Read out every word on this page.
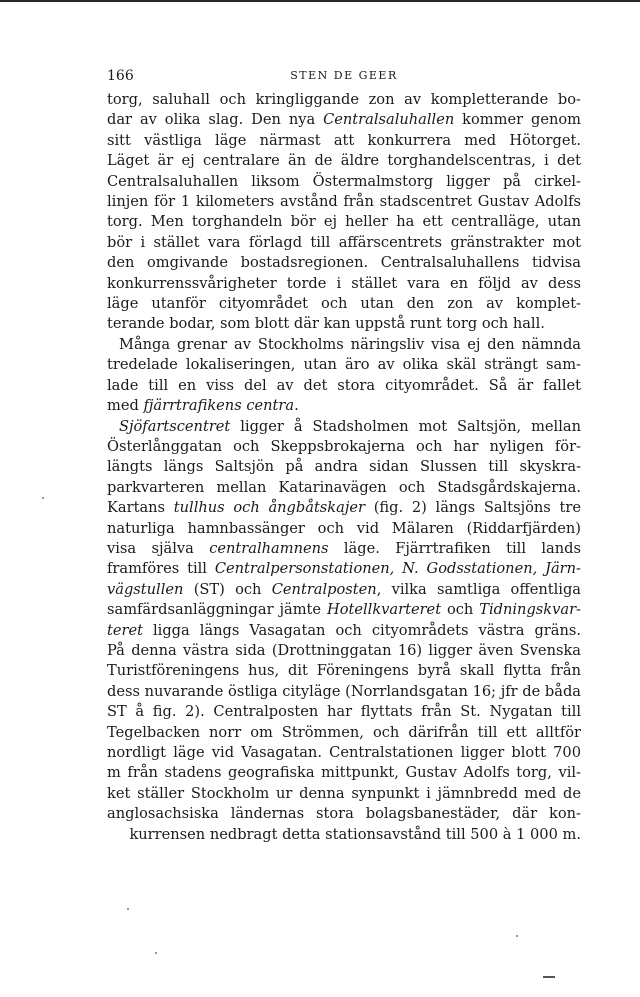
166	STEN DE GEER
torg, saluhall och kringliggande zon av kompletterande bo-
dar av olika slag. Den nya Centralsaluhallen kommer genom
sitt västliga läge närmast att konkurrera med Hötorget.
Läget är ej centralare än de äldre torghandelscentras, i det
Centralsaluhallen liksom Östermalmstorg ligger på cirkel-
linjen för 1 kilometers avstånd från stadscentret Gustav Adolfs
torg. Men torghandeln bör ej heller ha ett centralläge, utan
bör i stället vara förlagd till affärscentrets gränstrakter mot
den omgivande bostadsregionen. Centralsaluhallens tidvisa
konkurrenssvårigheter torde i stället vara en följd av dess
läge utanför cityområdet och utan den zon av komplet-
terande bodar, som blott där kan uppstå runt torg och hall.
Många grenar av Stockholms näringsliv visa ej den nämnda
tredelade lokaliseringen, utan äro av olika skäl strängt sam-
lade till en viss del av det stora cityområdet. Så är fallet
med fjärrtrafikens centra.
Sjöfartscentret ligger å Stadsholmen mot Saltsjön, mellan
Österlånggatan och Skeppsbrokajerna och har nyligen för-
längts längs Saltsjön på andra sidan Slussen till skyskra-
parkvarteren mellan Katarinavägen och Stadsgårdskajerna.
Kartans tullhus och ångbåtskajer (fig. 2) längs Saltsjöns tre
naturliga hamnbassänger och vid Mälaren (Riddarfjärden)
visa själva centralhamnens läge. Fjärrtrafiken till lands
framföres till Centralpersonstationen, N. Godsstationen, Järn-
vägstullen (ST) och Centralposten, vilka samtliga offentliga
samfärdsanläggningar jämte Hotellkvarteret och Tidningskvar-
teret ligga längs Vasagatan och cityområdets västra gräns.
På denna västra sida (Drottninggatan 16) ligger även Svenska
Turistföreningens hus, dit Föreningens byrå skall flytta från
dess nuvarande östliga cityläge (Norrlandsgatan 16; jfr de båda
ST å fig. 2). Centralposten har flyttats från St. Nygatan till
Tegelbacken norr om Strömmen, och därifrån till ett alltför
nordligt läge vid Vasagatan. Centralstationen ligger blott 700
m från stadens geografiska mittpunkt, Gustav Adolfs torg, vil-
ket ställer Stockholm ur denna synpunkt i jämnbredd med de
anglosachsiska ländernas stora bolagsbanestäder, där kon-
kurrensen nedbragt detta stationsavstånd till 500 à 1 000 m.
